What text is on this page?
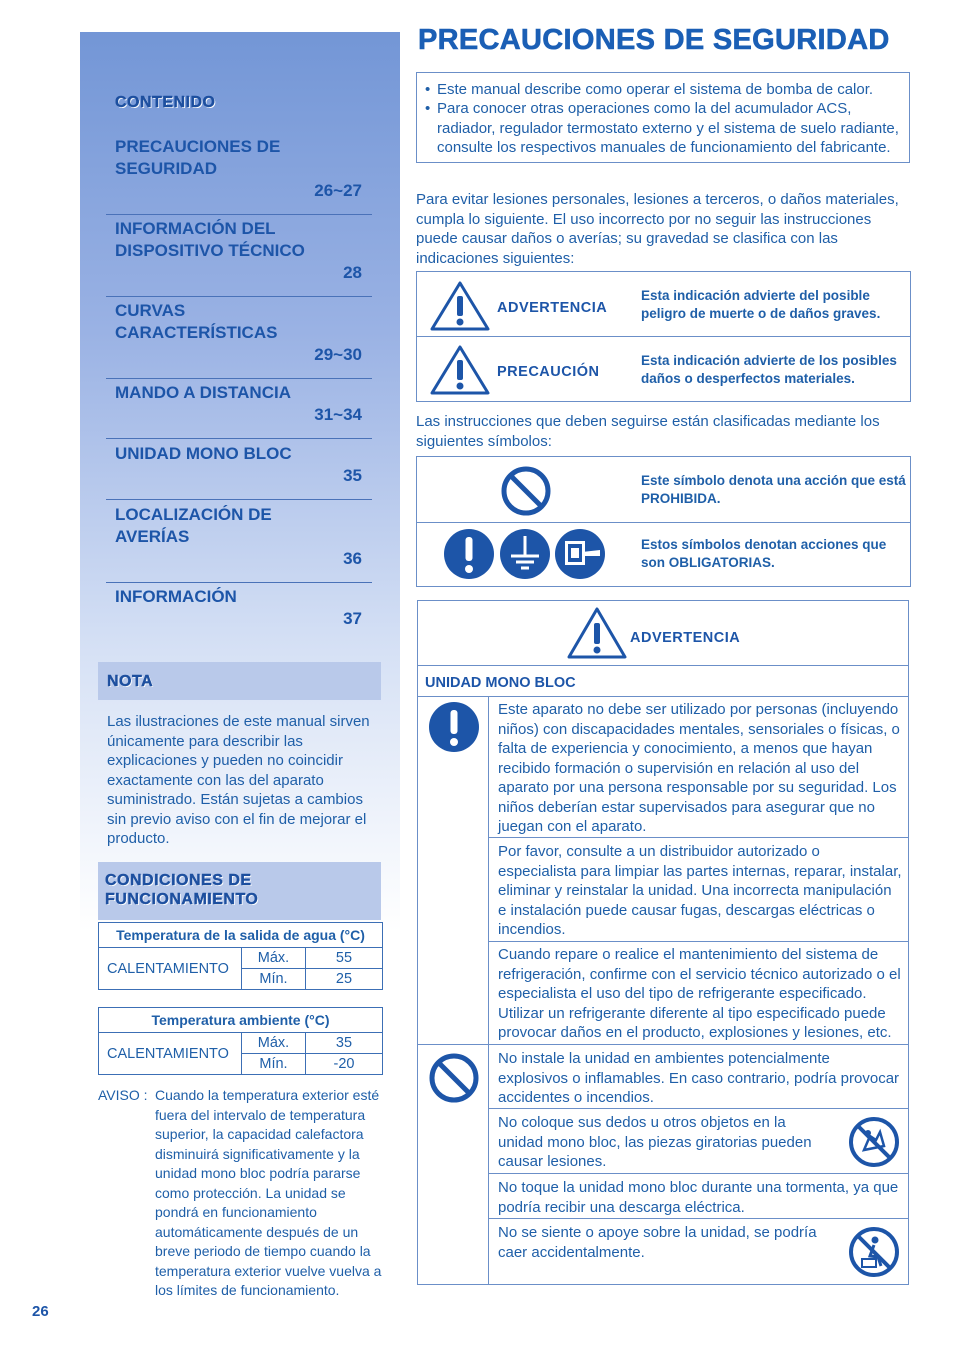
CONTENIDO
PRECAUCIONES DE SEGURIDAD
26~27
INFORMACIÓN DEL DISPOSITIVO TÉCNICO
28
CURVAS CARACTERÍSTICAS
29~30
MANDO A DISTANCIA
31~34
UNIDAD MONO BLOC
35
LOCALIZACIÓN DE AVERÍAS
36
INFORMACIÓN
37
NOTA
Las ilustraciones de este manual sirven únicamente para describir las explicaciones y pueden no coincidir exactamente con las del aparato suministrado. Están sujetas a cambios sin previo aviso con el fin de mejorar el producto.
CONDICIONES DE FUNCIONAMIENTO
Temperatura de la salida de agua (°C)		
CALENTAMIENTO	Máx.	55
	Mín.	25
Temperatura ambiente (°C)		
CALENTAMIENTO	Máx.	35
	Mín.	-20
AVISO : Cuando la temperatura exterior esté fuera del intervalo de temperatura superior, la capacidad calefactora disminuirá significativamente y la unidad mono bloc podría pararse como protección. La unidad se pondrá en funcionamiento automáticamente después de un breve periodo de tiempo cuando la temperatura exterior vuelve vuelva a los límites de funcionamiento.
26
PRECAUCIONES DE SEGURIDAD
• Este manual describe como operar el sistema de bomba de calor.
• Para conocer otras operaciones como la del acumulador ACS, radiador, regulador termostato externo y el sistema de suelo radiante, consulte los respectivos manuales de funcionamiento del fabricante.
Para evitar lesiones personales, lesiones a terceros, o daños materiales, cumpla lo siguiente. El uso incorrecto por no seguir las instrucciones puede causar daños o averías; su gravedad se clasifica con las indicaciones siguientes:
ADVERTENCIA
Esta indicación advierte del posible peligro de muerte o de daños graves.
PRECAUCIÓN
Esta indicación advierte de los posibles daños o desperfectos materiales.
Las instrucciones que deben seguirse están clasificadas mediante los siguientes símbolos:
Este símbolo denota una acción que está PROHIBIDA.
Estos símbolos denotan acciones que son OBLIGATORIAS.
ADVERTENCIA
UNIDAD MONO BLOC
Este aparato no debe ser utilizado por personas (incluyendo niños) con discapacidades mentales, sensoriales o físicas, o falta de experiencia y conocimiento, a menos que hayan recibido formación o supervisión en relación al uso del aparato por una persona responsable por su seguridad. Los niños deberían estar supervisados para asegurar que no juegan con el aparato.
Por favor, consulte a un distribuidor autorizado o especialista para limpiar las partes internas, reparar, instalar, eliminar y reinstalar la unidad. Una incorrecta manipulación e instalación puede causar fugas, descargas eléctricas o incendios.
Cuando repare o realice el mantenimiento del sistema de refrigeración, confirme con el servicio técnico autorizado o el especialista el uso del tipo de refrigerante especificado. Utilizar un refrigerante diferente al tipo especificado puede provocar daños en el producto, explosiones y lesiones, etc.
No instale la unidad en ambientes potencialmente explosivos o inflamables. En caso contrario, podría provocar accidentes o incendios.
No coloque sus dedos u otros objetos en la unidad mono bloc, las piezas giratorias pueden causar lesiones.
No toque la unidad mono bloc durante una tormenta, ya que podría recibir una descarga eléctrica.
No se siente o apoye sobre la unidad, se podría caer accidentalmente.
